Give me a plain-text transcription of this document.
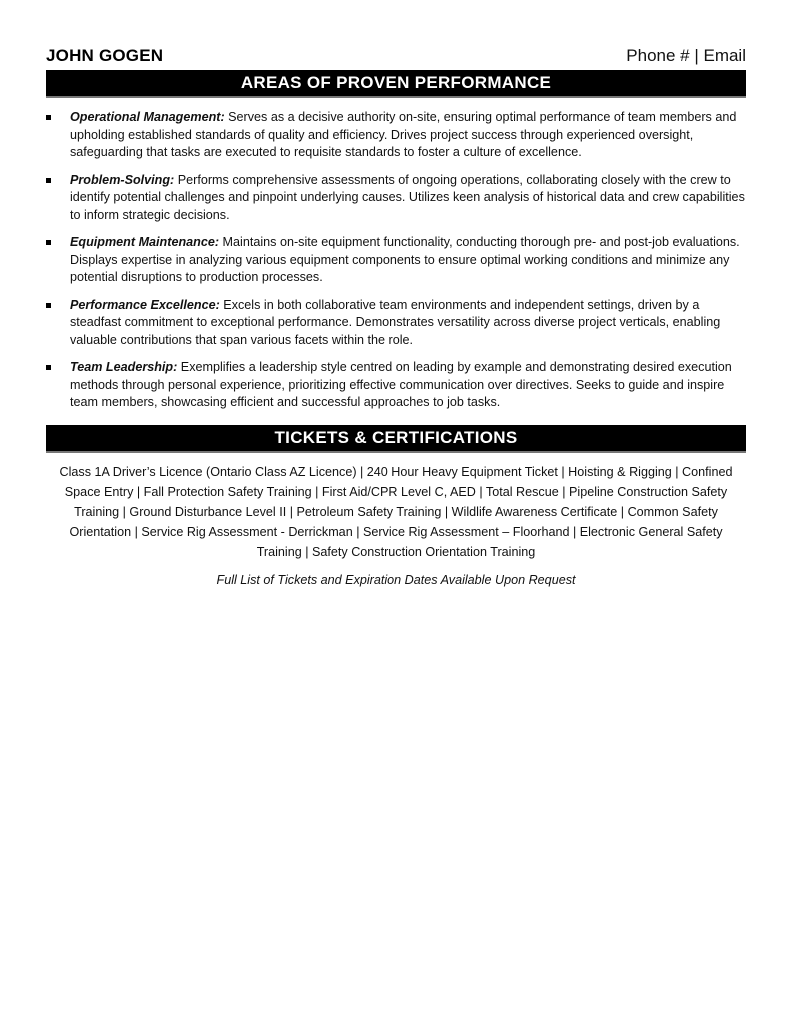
JOHN GOGEN	Phone # | Email
AREAS OF PROVEN PERFORMANCE
Operational Management: Serves as a decisive authority on-site, ensuring optimal performance of team members and upholding established standards of quality and efficiency. Drives project success through experienced oversight, safeguarding that tasks are executed to requisite standards to foster a culture of excellence.
Problem-Solving: Performs comprehensive assessments of ongoing operations, collaborating closely with the crew to identify potential challenges and pinpoint underlying causes. Utilizes keen analysis of historical data and crew capabilities to inform strategic decisions.
Equipment Maintenance: Maintains on-site equipment functionality, conducting thorough pre- and post-job evaluations. Displays expertise in analyzing various equipment components to ensure optimal working conditions and minimize any potential disruptions to production processes.
Performance Excellence: Excels in both collaborative team environments and independent settings, driven by a steadfast commitment to exceptional performance. Demonstrates versatility across diverse project verticals, enabling valuable contributions that span various facets within the role.
Team Leadership: Exemplifies a leadership style centred on leading by example and demonstrating desired execution methods through personal experience, prioritizing effective communication over directives. Seeks to guide and inspire team members, showcasing efficient and successful approaches to job tasks.
TICKETS & CERTIFICATIONS
Class 1A Driver’s Licence (Ontario Class AZ Licence) | 240 Hour Heavy Equipment Ticket | Hoisting & Rigging | Confined Space Entry | Fall Protection Safety Training | First Aid/CPR Level C, AED | Total Rescue | Pipeline Construction Safety Training | Ground Disturbance Level II | Petroleum Safety Training | Wildlife Awareness Certificate | Common Safety Orientation | Service Rig Assessment - Derrickman | Service Rig Assessment – Floorhand | Electronic General Safety Training | Safety Construction Orientation Training
Full List of Tickets and Expiration Dates Available Upon Request
